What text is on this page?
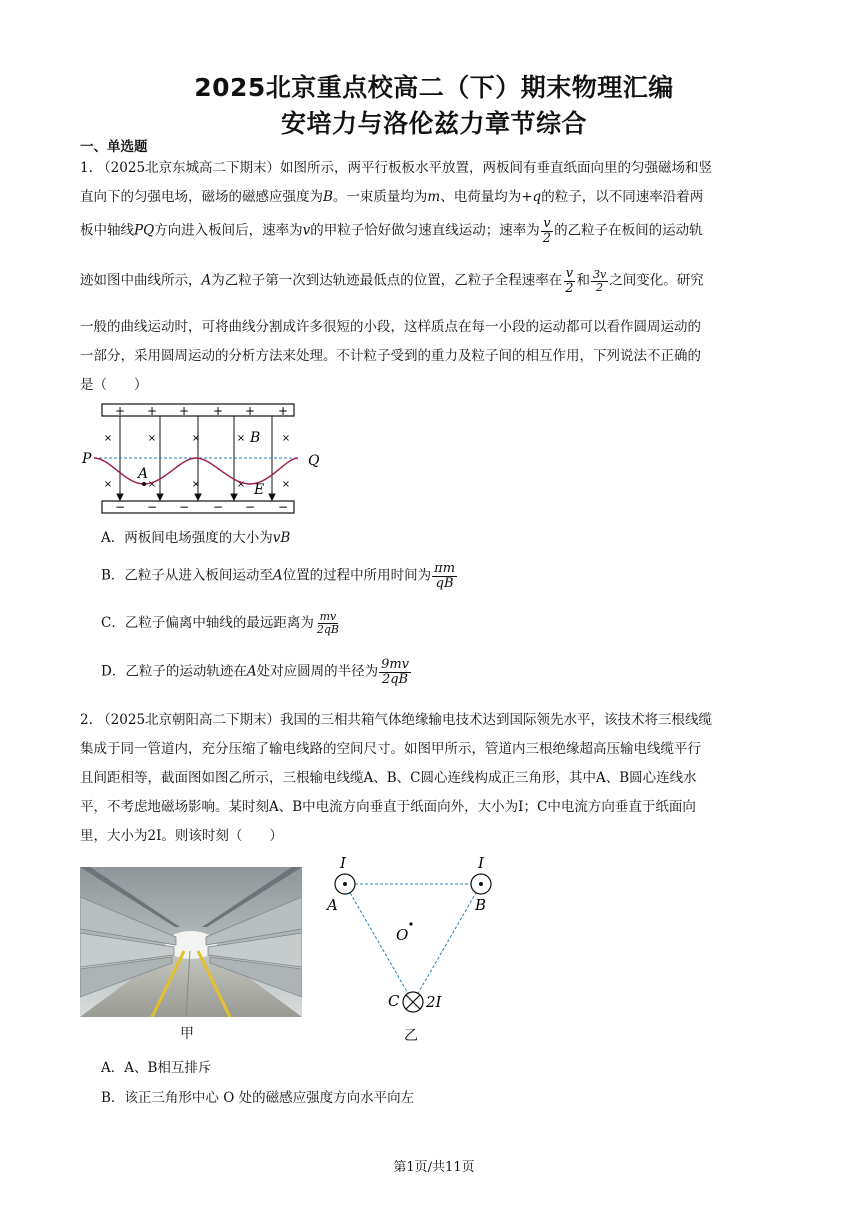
2025北京重点校高二（下）期末物理汇编
安培力与洛伦兹力章节综合
一、单选题
1. （2025北京东城高二下期末）如图所示，两平行板板水平放置，两板间有垂直纸面向里的匀强磁场和竖
直向下的匀强电场，磁场的磁感应强度为B。一束质量均为m、电荷量均为+q的粒子，以不同速率沿着两
板中轴线PQ方向进入板间后，速率为v的甲粒子恰好做匀速直线运动；速率为 $\frac{v}{2}$ 的乙粒子在板间的运动轨
迹如图中曲线所示，A为乙粒子第一次到达轨迹最低点的位置，乙粒子全程速率在 $\frac{v}{2}$ 和 $\frac{3v}{2}$ 之间变化。研究
一般的曲线运动时，可将曲线分割成许多很短的小段，这样质点在每一小段的运动都可以看作圆周运动的
一部分，采用圆周运动的分析方法来处理。不计粒子受到的重力及粒子间的相互作用，下列说法不正确的
是（　　）
+ + + + + +
− − − − − −
×	×	×	×	×
×	×	×	×	×
P	Q
A
B
E
A．两板间电场强度的大小为vB
B．乙粒子从进入板间运动至A位置的过程中所用时间为 $\frac{\pi m}{qB}$
C．乙粒子偏离中轴线的最远距离为 $\frac{mv}{2qB}$
D．乙粒子的运动轨迹在A处对应圆周的半径为 $\frac{9mv}{2qB}$
2. （2025北京朝阳高二下期末）我国的三相共箱气体绝缘输电技术达到国际领先水平，该技术将三根线缆
集成于同一管道内，充分压缩了输电线路的空间尺寸。如图甲所示，管道内三根绝缘超高压输电线缆平行
且间距相等，截面图如图乙所示，三根输电线缆A、B、C圆心连线构成正三角形，其中A、B圆心连线水
平，不考虑地磁场影响。某时刻A、B中电流方向垂直于纸面向外，大小为I；C中电流方向垂直于纸面向
里，大小为2I。则该时刻（　　）
甲
I	I
A	B
C
O
2I
乙
A．A、B相互排斥
B．该正三角形中心 O 处的磁感应强度方向水平向左
第1页/共11页
